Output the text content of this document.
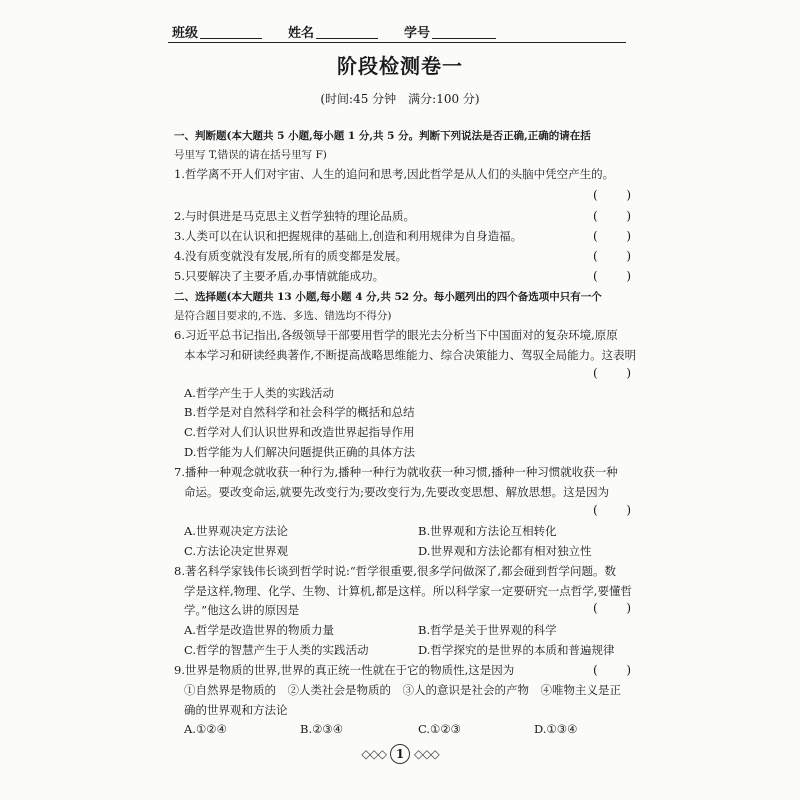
班级	姓名	学号
阶段检测卷一
(时间:45 分钟　满分:100 分)
一、判断题(本大题共 5 小题,每小题 1 分,共 5 分。判断下列说法是否正确,正确的请在括
号里写 T,错误的请在括号里写 F)
1.哲学离不开人们对宇宙、人生的追问和思考,因此哲学是从人们的头脑中凭空产生的。
( )
2.与时俱进是马克思主义哲学独特的理论品质。	( )
3.人类可以在认识和把握规律的基础上,创造和利用规律为自身造福。	( )
4.没有质变就没有发展,所有的质变都是发展。	( )
5.只要解决了主要矛盾,办事情就能成功。	( )
二、选择题(本大题共 13 小题,每小题 4 分,共 52 分。每小题列出的四个备选项中只有一个
是符合题目要求的,不选、多选、错选均不得分)
6.习近平总书记指出,各级领导干部要用哲学的眼光去分析当下中国面对的复杂环境,原原
本本学习和研读经典著作,不断提高战略思维能力、综合决策能力、驾驭全局能力。这表明
( )
A.哲学产生于人类的实践活动
B.哲学是对自然科学和社会科学的概括和总结
C.哲学对人们认识世界和改造世界起指导作用
D.哲学能为人们解决问题提供正确的具体方法
7.播种一种观念就收获一种行为,播种一种行为就收获一种习惯,播种一种习惯就收获一种
命运。要改变命运,就要先改变行为;要改变行为,先要改变思想、解放思想。这是因为
( )
A.世界观决定方法论	B.世界观和方法论互相转化
C.方法论决定世界观	D.世界观和方法论都有相对独立性
8.著名科学家钱伟长谈到哲学时说:“哲学很重要,很多学问做深了,都会碰到哲学问题。数
学是这样,物理、化学、生物、计算机,都是这样。所以科学家一定要研究一点哲学,要懂哲
学。”他这么讲的原因是	( )
A.哲学是改造世界的物质力量	B.哲学是关于世界观的科学
C.哲学的智慧产生于人类的实践活动	D.哲学探究的是世界的本质和普遍规律
9.世界是物质的世界,世界的真正统一性就在于它的物质性,这是因为	( )
①自然界是物质的　②人类社会是物质的　③人的意识是社会的产物　④唯物主义是正
确的世界观和方法论
A.①②④	B.②③④	C.①②③	D.①③④
◇◇◇ 1 ◇◇◇
